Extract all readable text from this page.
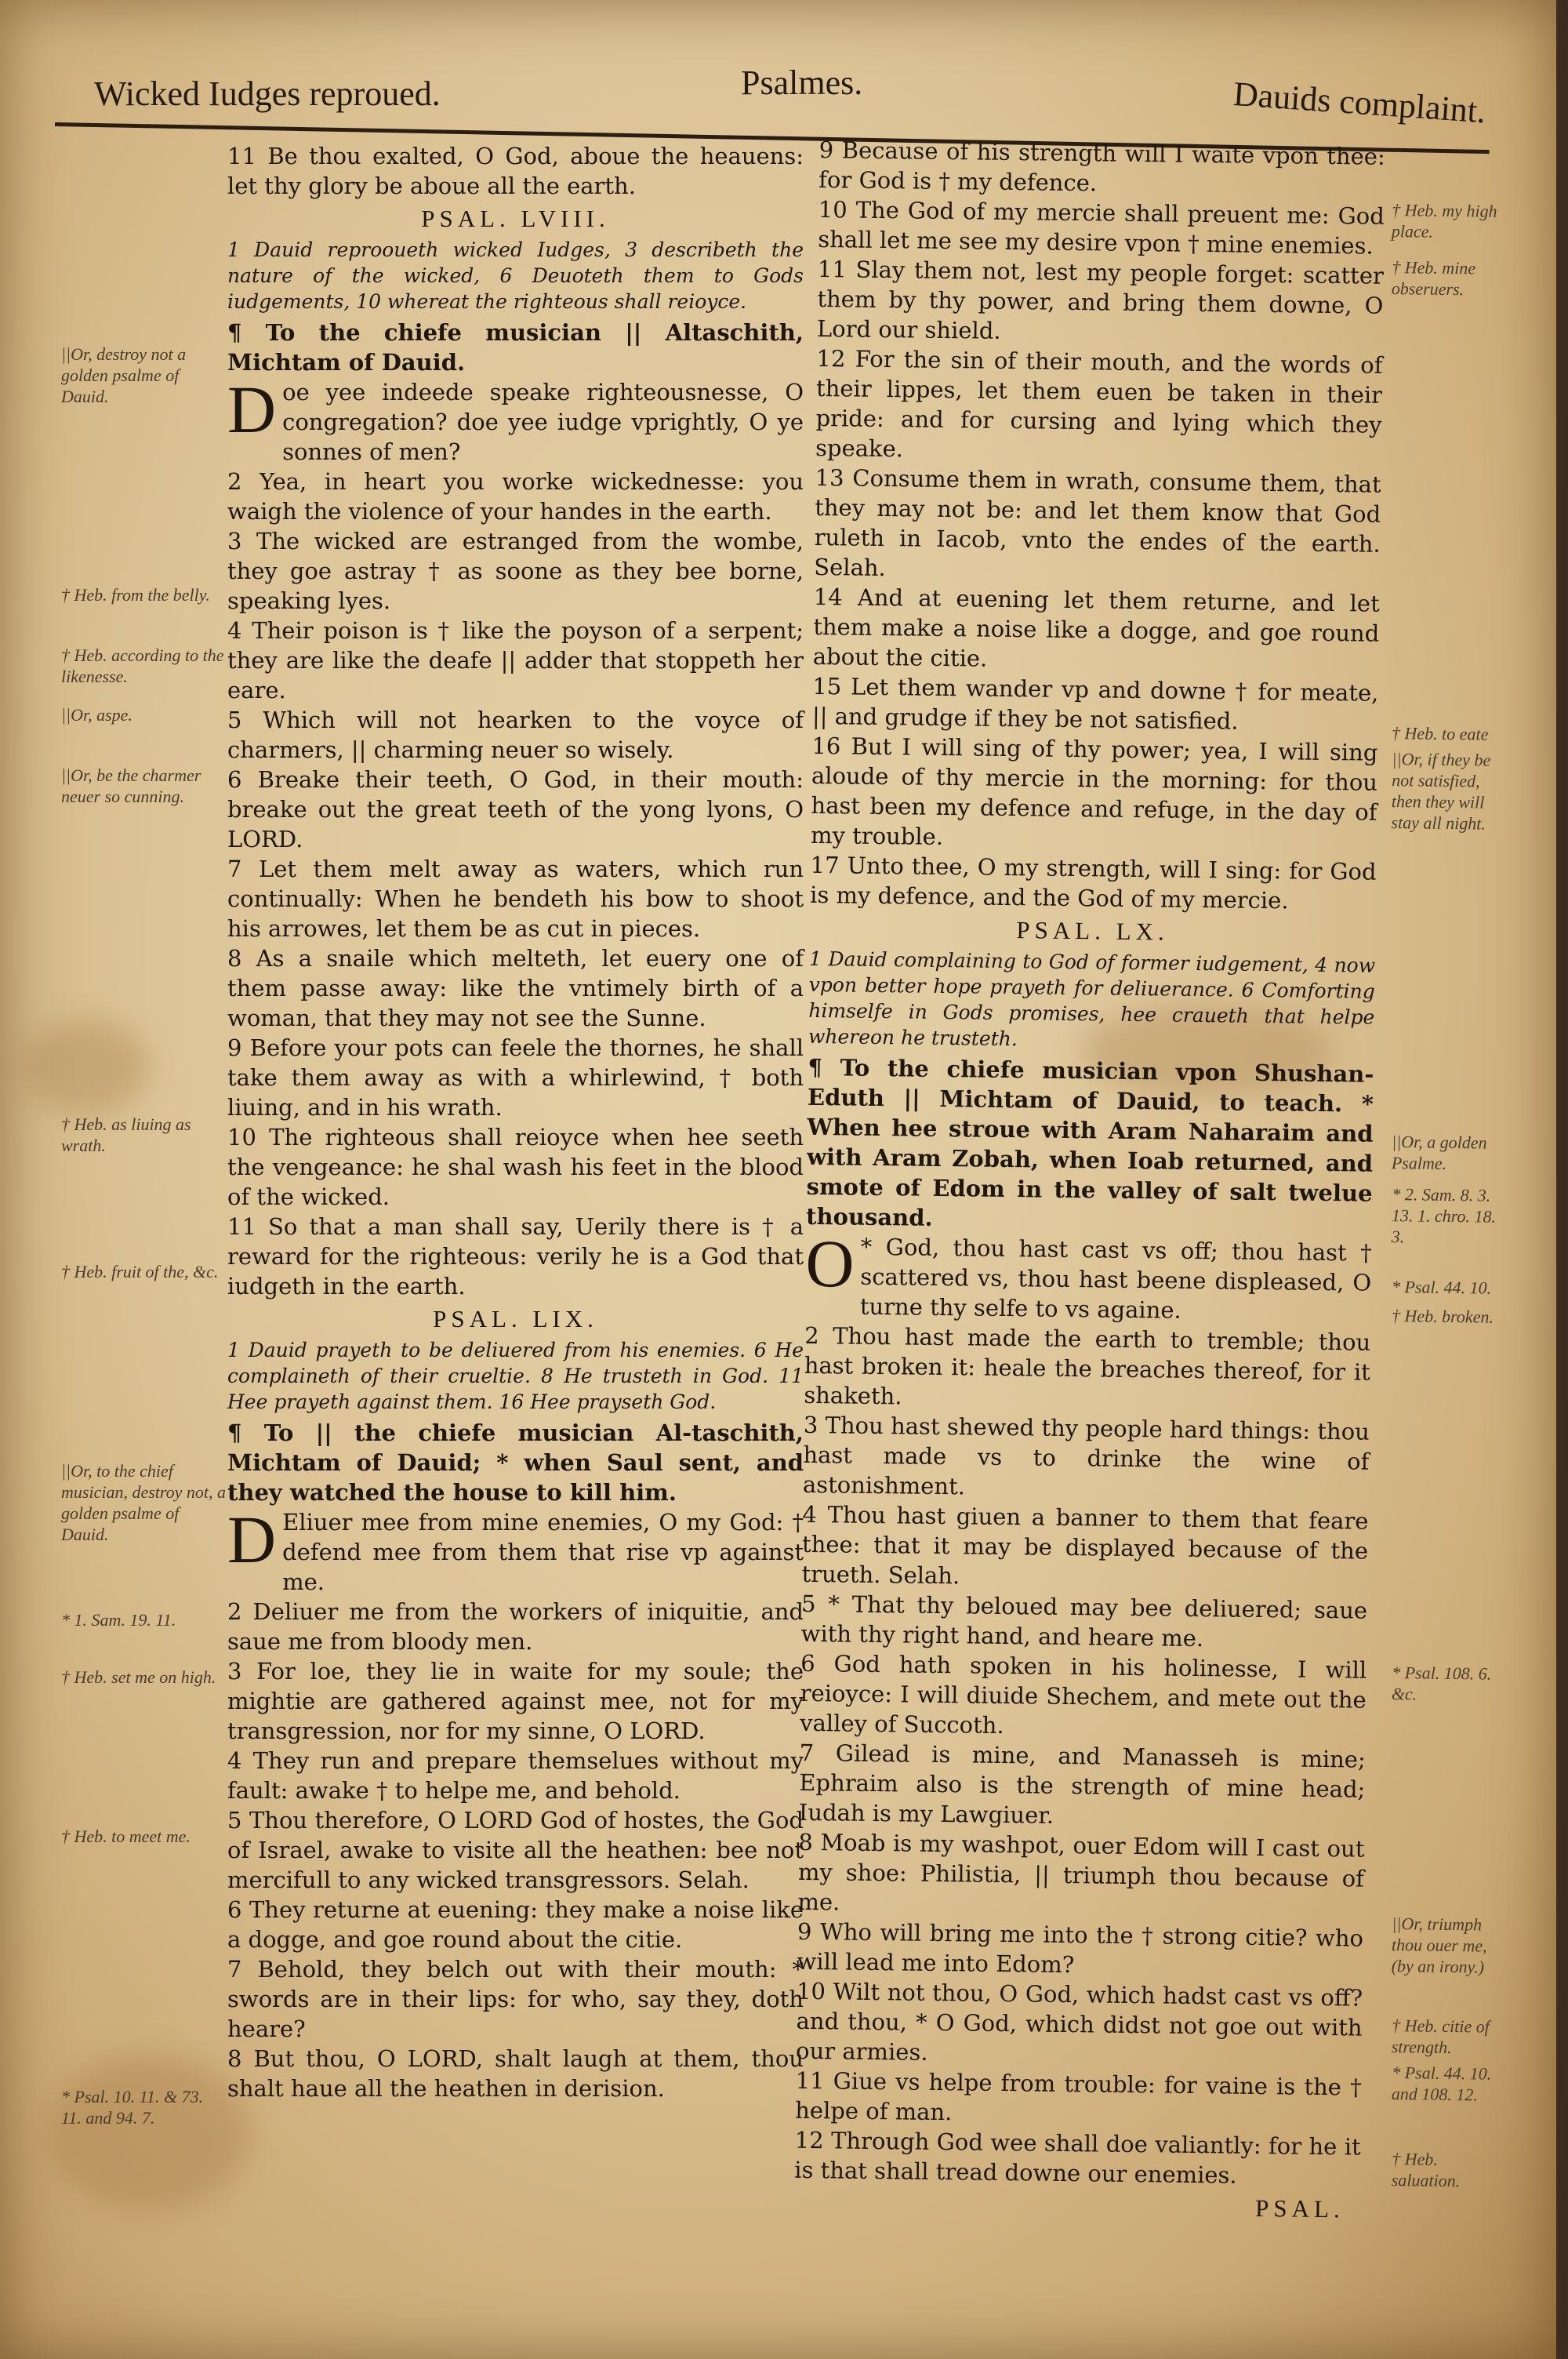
Wicked Iudges reproued.	Psalmes.	Dauids complaint.

11 Be thou exalted, O God, aboue the heauens: let thy glory be aboue all the earth.

PSAL. LVIII.

1 Dauid reprooueth wicked Iudges, 3 describeth the nature of the wicked, 6 Deuoteth them to Gods iudgements, 10 whereat the righteous shall reioyce.

¶ To the chiefe musician || Altaschith, Michtam of Dauid.

D oe yee indeede speake righteousnesse, O congregation? doe yee iudge vprightly, O ye sonnes of men?

2 Yea, in heart you worke wickednesse: you waigh the violence of your handes in the earth.

3 The wicked are estranged from the wombe, they goe astray † as soone as they bee borne, speaking lyes.

4 Their poison is † like the poyson of a serpent; they are like the deafe || adder that stoppeth her eare.

5 Which will not hearken to the voyce of charmers, || charming neuer so wisely.

6 Breake their teeth, O God, in their mouth: breake out the great teeth of the yong lyons, O LORD.

7 Let them melt away as waters, which run continually: When he bendeth his bow to shoot his arrowes, let them be as cut in pieces.

8 As a snaile which melteth, let euery one of them passe away: like the vntimely birth of a woman, that they may not see the Sunne.

9 Before your pots can feele the thornes, he shall take them away as with a whirlewind, † both liuing, and in his wrath.

10 The righteous shall reioyce when hee seeth the vengeance: he shal wash his feet in the blood of the wicked.

11 So that a man shall say, Uerily there is † a reward for the righteous: verily he is a God that iudgeth in the earth.

PSAL. LIX.

1 Dauid prayeth to be deliuered from his enemies. 6 He complaineth of their crueltie. 8 He trusteth in God. 11 Hee prayeth against them. 16 Hee prayseth God.

¶ To || the chiefe musician Al-taschith, Michtam of Dauid; * when Saul sent, and they watched the house to kill him.

D Eliuer mee from mine enemies, O my God: † defend mee from them that rise vp against me.

2 Deliuer me from the workers of iniquitie, and saue me from bloody men.

3 For loe, they lie in waite for my soule; the mightie are gathered against mee, not for my transgression, nor for my sinne, O LORD.

4 They run and prepare themselues without my fault: awake † to helpe me, and behold.

5 Thou therefore, O LORD God of hostes, the God of Israel, awake to visite all the heathen: bee not mercifull to any wicked transgressors. Selah.

6 They returne at euening: they make a noise like a dogge, and goe round about the citie.

7 Behold, they belch out with their mouth: * swords are in their lips: for who, say they, doth heare?

8 But thou, O LORD, shalt laugh at them, thou shalt haue all the heathen in derision.

9 Because of his strength will I waite vpon thee: for God is † my defence.

10 The God of my mercie shall preuent me: God shall let me see my desire vpon † mine enemies.

11 Slay them not, lest my people forget: scatter them by thy power, and bring them downe, O Lord our shield.

12 For the sin of their mouth, and the words of their lippes, let them euen be taken in their pride: and for cursing and lying which they speake.

13 Consume them in wrath, consume them, that they may not be: and let them know that God ruleth in Iacob, vnto the endes of the earth. Selah.

14 And at euening let them returne, and let them make a noise like a dogge, and goe round about the citie.

15 Let them wander vp and downe † for meate, || and grudge if they be not satisfied.

16 But I will sing of thy power; yea, I will sing aloude of thy mercie in the morning: for thou hast been my defence and refuge, in the day of my trouble.

17 Unto thee, O my strength, will I sing: for God is my defence, and the God of my mercie.

PSAL. LX.

1 Dauid complaining to God of former iudgement, 4 now vpon better hope prayeth for deliuerance. 6 Comforting himselfe in Gods promises, hee craueth that helpe whereon he trusteth.

¶ To the chiefe musician vpon Shushan-Eduth || Michtam of Dauid, to teach. * When hee stroue with Aram Naharaim and with Aram Zobah, when Ioab returned, and smote of Edom in the valley of salt twelue thousand.

O * God, thou hast cast vs off; thou hast † scattered vs, thou hast beene displeased, O turne thy selfe to vs againe.

2 Thou hast made the earth to tremble; thou hast broken it: heale the breaches thereof, for it shaketh.

3 Thou hast shewed thy people hard things: thou hast made vs to drinke the wine of astonishment.

4 Thou hast giuen a banner to them that feare thee: that it may be displayed because of the trueth. Selah.

5 * That thy beloued may bee deliuered; saue with thy right hand, and heare me.

6 God hath spoken in his holinesse, I will reioyce: I will diuide Shechem, and mete out the valley of Succoth.

7 Gilead is mine, and Manasseh is mine; Ephraim also is the strength of mine head; Iudah is my Lawgiuer.

8 Moab is my washpot, ouer Edom will I cast out my shoe: Philistia, || triumph thou because of me.

9 Who will bring me into the † strong citie? who will lead me into Edom?

10 Wilt not thou, O God, which hadst cast vs off? and thou, * O God, which didst not goe out with our armies.

11 Giue vs helpe from trouble: for vaine is the † helpe of man.

12 Through God wee shall doe valiantly: for he it is that shall tread downe our enemies.

PSAL.
||Or, destroy not a golden psalme of Dauid.
† Heb. from the belly.
† Heb. according to the likenesse.
||Or, aspe.
||Or, be the charmer neuer so cunning.
† Heb. as liuing as wrath.
† Heb. fruit of the, &c.
||Or, to the chief musician, destroy not, a golden psalme of Dauid.
* 1. Sam. 19. 11.
† Heb. set me on high.
† Heb. to meet me.
* Psal. 10. 11. & 73. 11. and 94. 7.
† Heb. my high place.
† Heb. mine obseruers.
† Heb. to eate
||Or, if they be not satisfied, then they will stay all night.
||Or, a golden Psalme.
* 2. Sam. 8. 3. 13. 1. chro. 18. 3.
* Psal. 44. 10.
† Heb. broken.
* Psal. 108. 6. &c.
||Or, triumph thou ouer me, (by an irony.)
† Heb. citie of strength.
* Psal. 44. 10. and 108. 12.
† Heb. saluation.
